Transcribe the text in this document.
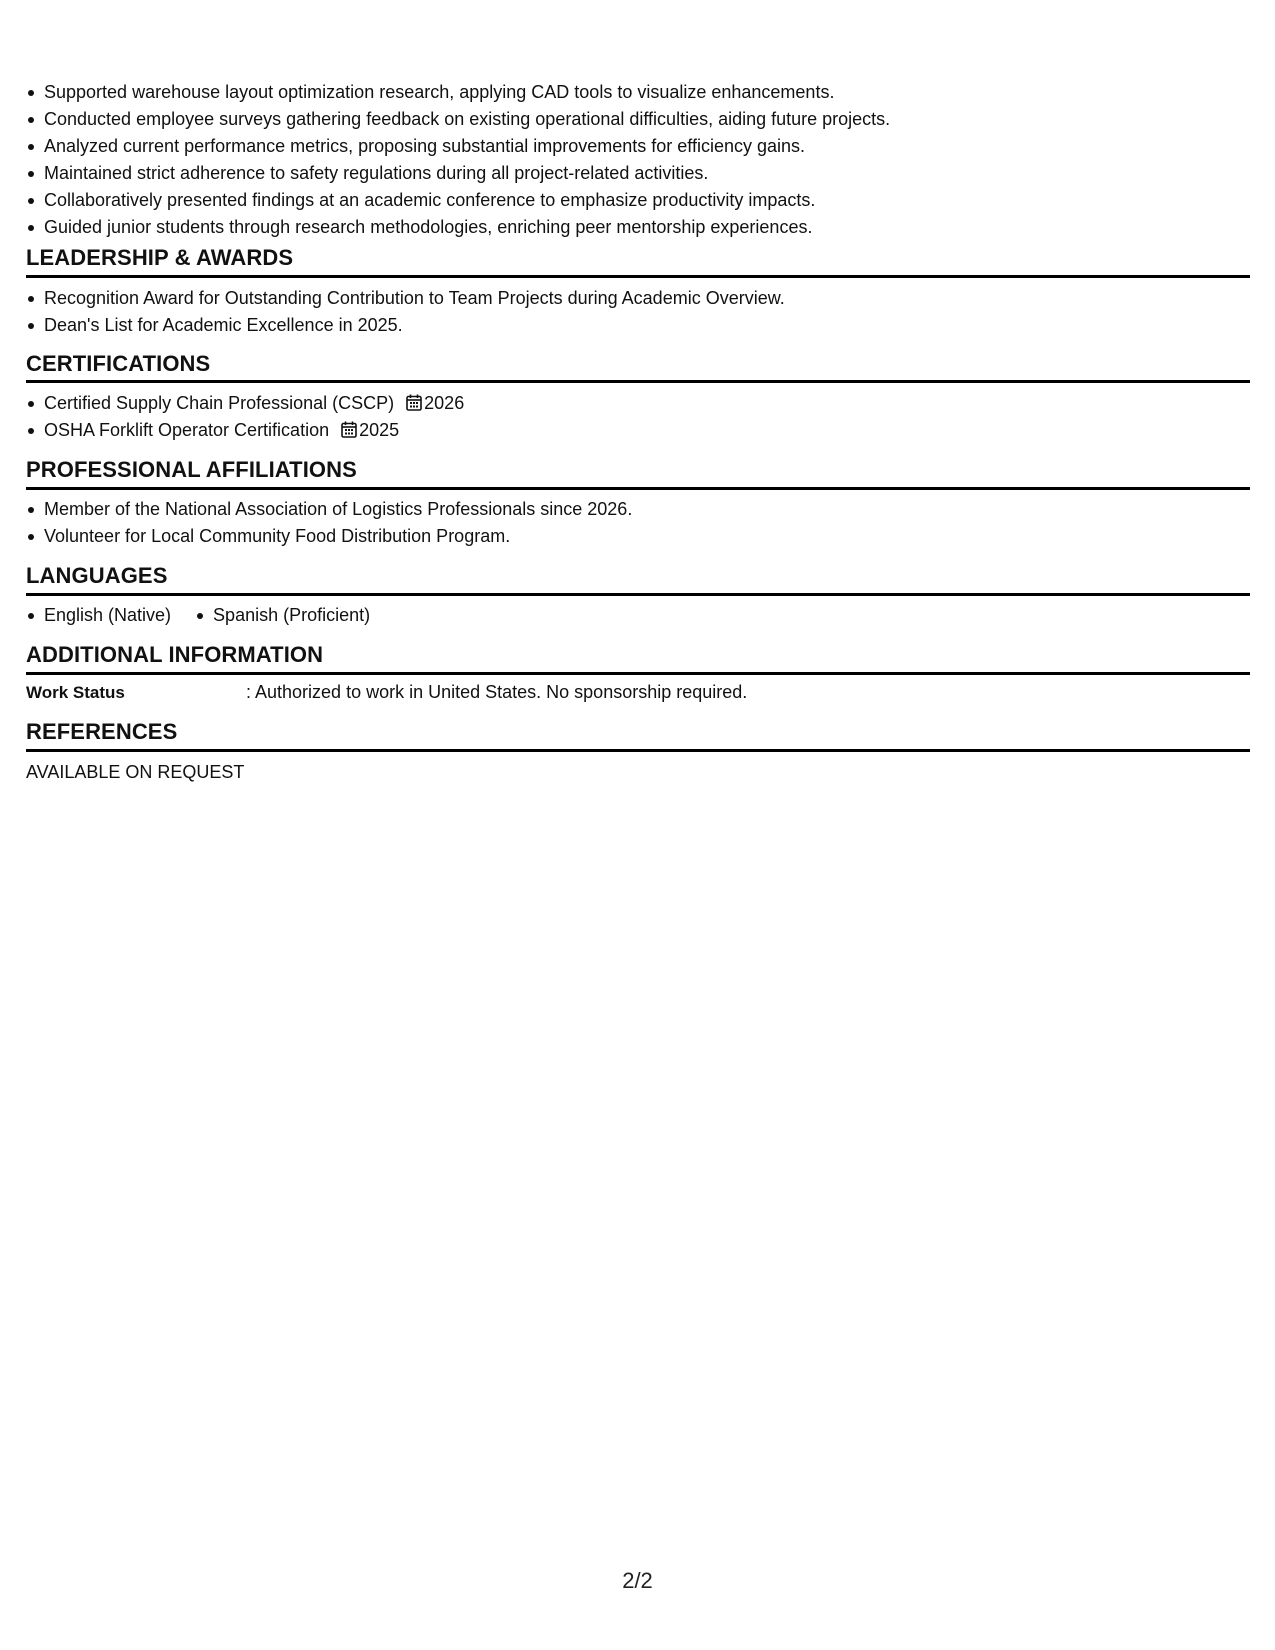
Supported warehouse layout optimization research, applying CAD tools to visualize enhancements.
Conducted employee surveys gathering feedback on existing operational difficulties, aiding future projects.
Analyzed current performance metrics, proposing substantial improvements for efficiency gains.
Maintained strict adherence to safety regulations during all project-related activities.
Collaboratively presented findings at an academic conference to emphasize productivity impacts.
Guided junior students through research methodologies, enriching peer mentorship experiences.
LEADERSHIP & AWARDS
Recognition Award for Outstanding Contribution to Team Projects during Academic Overview.
Dean's List for Academic Excellence in 2025.
CERTIFICATIONS
Certified Supply Chain Professional (CSCP) 2026
OSHA Forklift Operator Certification 2025
PROFESSIONAL AFFILIATIONS
Member of the National Association of Logistics Professionals since 2026.
Volunteer for Local Community Food Distribution Program.
LANGUAGES
English (Native)	Spanish (Proficient)
ADDITIONAL INFORMATION
Work Status	: Authorized to work in United States. No sponsorship required.
REFERENCES
AVAILABLE ON REQUEST
2/2
